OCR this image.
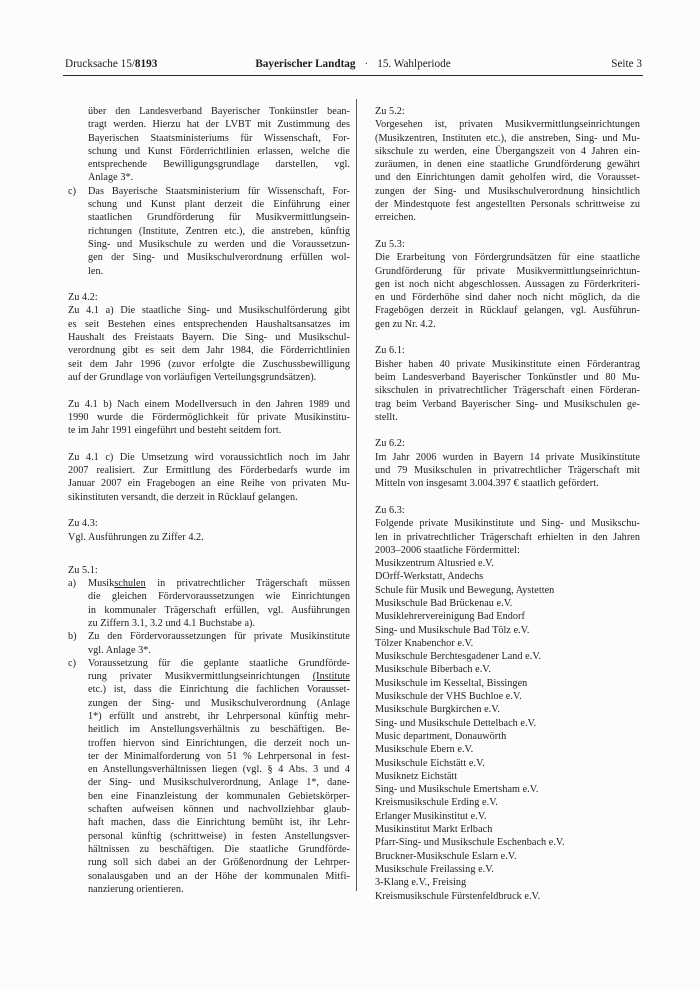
Drucksache 15/8193	Bayerischer Landtag · 15. Wahlperiode	Seite 3
über den Landesverband Bayerischer Tonkünstler bean-
tragt werden. Hierzu hat der LVBT mit Zustimmung des
Bayerischen Staatsministeriums für Wissenschaft, For-
schung und Kunst Förderrichtlinien erlassen, welche die
entsprechende Bewilligungsgrundlage darstellen, vgl.
Anlage 3*.
c) Das Bayerische Staatsministerium für Wissenschaft, For-
schung und Kunst plant derzeit die Einführung einer
staatlichen Grundförderung für Musikvermittlungsein-
richtungen (Institute, Zentren etc.), die anstreben, künftig
Sing- und Musikschule zu werden und die Voraussetzun-
gen der Sing- und Musikschulverordnung erfüllen wol-
len.
Zu 4.2:
Zu 4.1 a) Die staatliche Sing- und Musikschulförderung gibt
es seit Bestehen eines entsprechenden Haushaltsansatzes im
Haushalt des Freistaats Bayern. Die Sing- und Musikschul-
verordnung gibt es seit dem Jahr 1984, die Förderrichtlinien
seit dem Jahr 1996 (zuvor erfolgte die Zuschussbewilligung
auf der Grundlage von vorläufigen Verteilungsgrundsätzen).
Zu 4.1 b) Nach einem Modellversuch in den Jahren 1989 und
1990 wurde die Fördermöglichkeit für private Musikinstitu-
te im Jahr 1991 eingeführt und besteht seitdem fort.
Zu 4.1 c) Die Umsetzung wird voraussichtlich noch im Jahr
2007 realisiert. Zur Ermittlung des Förderbedarfs wurde im
Januar 2007 ein Fragebogen an eine Reihe von privaten Mu-
sikinstituten versandt, die derzeit in Rücklauf gelangen.
Zu 4.3:
Vgl. Ausführungen zu Ziffer 4.2.
Zu 5.1:
a) Musikschulen in privatrechtlicher Trägerschaft müssen
die gleichen Fördervoraussetzungen wie Einrichtungen
in kommunaler Trägerschaft erfüllen, vgl. Ausführungen
zu Ziffern 3.1, 3.2 und 4.1 Buchstabe a).
b) Zu den Fördervoraussetzungen für private Musikinstitute
vgl. Anlage 3*.
c) Voraussetzung für die geplante staatliche Grundförde-
rung privater Musikvermittlungseinrichtungen (Institute
etc.) ist, dass die Einrichtung die fachlichen Vorausset-
zungen der Sing- und Musikschulverordnung (Anlage
1*) erfüllt und anstrebt, ihr Lehrpersonal künftig mehr-
heitlich im Anstellungsverhältnis zu beschäftigen. Be-
troffen hiervon sind Einrichtungen, die derzeit noch un-
ter der Minimalforderung von 51 % Lehrpersonal in fest-
en Anstellungsverhältnissen liegen (vgl. § 4 Abs. 3 und 4
der Sing- und Musikschulverordnung, Anlage 1*, dane-
ben eine Finanzleistung der kommunalen Gebietskörper-
schaften aufweisen können und nachvollziehbar glaub-
haft machen, dass die Einrichtung bemüht ist, ihr Lehr-
personal künftig (schrittweise) in festen Anstellungsver-
hältnissen zu beschäftigen. Die staatliche Grundförde-
rung soll sich dabei an der Größenordnung der Lehrper-
sonalausgaben und an der Höhe der kommunalen Mitfi-
nanzierung orientieren.
Zu 5.2:
Vorgesehen ist, privaten Musikvermittlungseinrichtungen
(Musikzentren, Instituten etc.), die anstreben, Sing- und Mu-
sikschule zu werden, eine Übergangszeit von 4 Jahren ein-
zuräumen, in denen eine staatliche Grundförderung gewährt
und den Einrichtungen damit geholfen wird, die Vorausset-
zungen der Sing- und Musikschulverordnung hinsichtlich
der Mindestquote fest angestellten Personals schrittweise zu
erreichen.
Zu 5.3:
Die Erarbeitung von Fördergrundsätzen für eine staatliche
Grundförderung für private Musikvermittlungseinrichtun-
gen ist noch nicht abgeschlossen. Aussagen zu Förderkriteri-
en und Förderhöhe sind daher noch nicht möglich, da die
Fragebögen derzeit in Rücklauf gelangen, vgl. Ausführun-
gen zu Nr. 4.2.
Zu 6.1:
Bisher haben 40 private Musikinstitute einen Förderantrag
beim Landesverband Bayerischer Tonkünstler und 80 Mu-
sikschulen in privatrechtlicher Trägerschaft einen Förderan-
trag beim Verband Bayerischer Sing- und Musikschulen ge-
stellt.
Zu 6.2:
Im Jahr 2006 wurden in Bayern 14 private Musikinstitute
und 79 Musikschulen in privatrechtlicher Trägerschaft mit
Mitteln von insgesamt 3.004.397 € staatlich gefördert.
Zu 6.3:
Folgende private Musikinstitute und Sing- und Musikschu-
len in privatrechtlicher Trägerschaft erhielten in den Jahren
2003–2006 staatliche Fördermittel:
Musikzentrum Altusried e.V.
DOrff-Werkstatt, Andechs
Schule für Musik und Bewegung, Aystetten
Musikschule Bad Brückenau e.V.
Musiklehrervereinigung Bad Endorf
Sing- und Musikschule Bad Tölz e.V.
Tölzer Knabenchor e.V.
Musikschule Berchtesgadener Land e.V.
Musikschule Biberbach e.V.
Musikschule im Kesseltal, Bissingen
Musikschule der VHS Buchloe e.V.
Musikschule Burgkirchen e.V.
Sing- und Musikschule Dettelbach e.V.
Music department, Donauwörth
Musikschule Ebern e.V.
Musikschule Eichstätt e.V.
Musiknetz Eichstätt
Sing- und Musikschule Emertsham e.V.
Kreismusikschule Erding e.V.
Erlanger Musikinstitut e.V.
Musikinstitut Markt Erlbach
Pfarr-Sing- und Musikschule Eschenbach e.V.
Bruckner-Musikschule Eslarn e.V.
Musikschule Freilassing e.V.
3-Klang e.V., Freising
Kreismusikschule Fürstenfeldbruck e.V.
